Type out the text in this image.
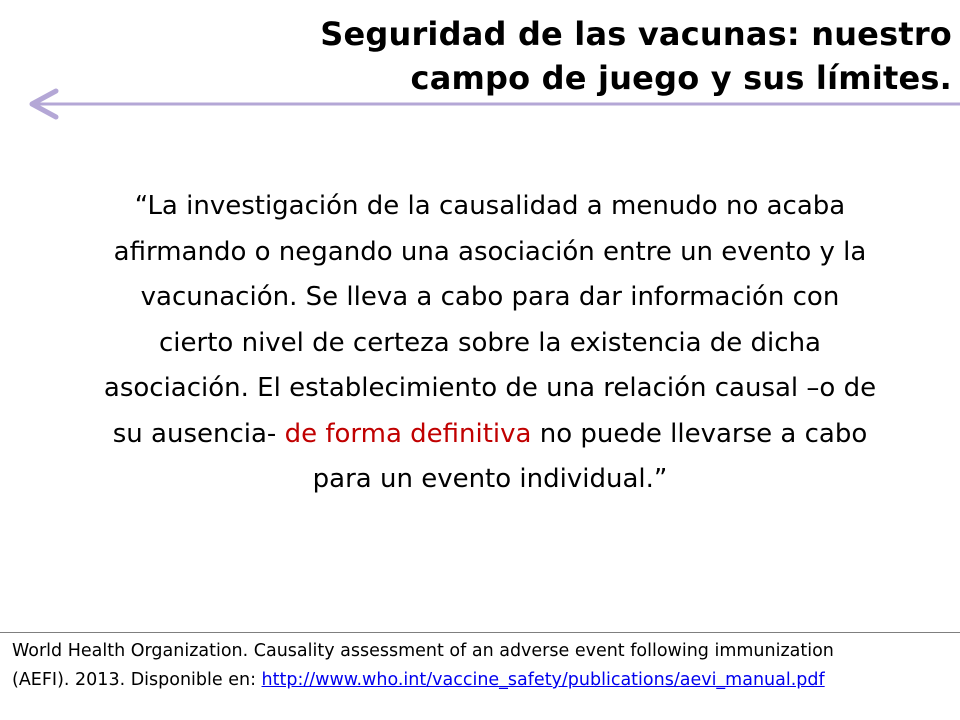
Seguridad de las vacunas: nuestro
campo de juego y sus límites.

“La investigación de la causalidad a menudo no acaba afirmando o negando una asociación entre un evento y la vacunación. Se lleva a cabo para dar información con cierto nivel de certeza sobre la existencia de dicha asociación. El establecimiento de una relación causal –o de su ausencia- de forma definitiva no puede llevarse a cabo para un evento individual.”

World Health Organization. Causality assessment of an adverse event following immunization

(AEFI). 2013. Disponible en: http://www.who.int/vaccine_safety/publications/aevi_manual.pdf
